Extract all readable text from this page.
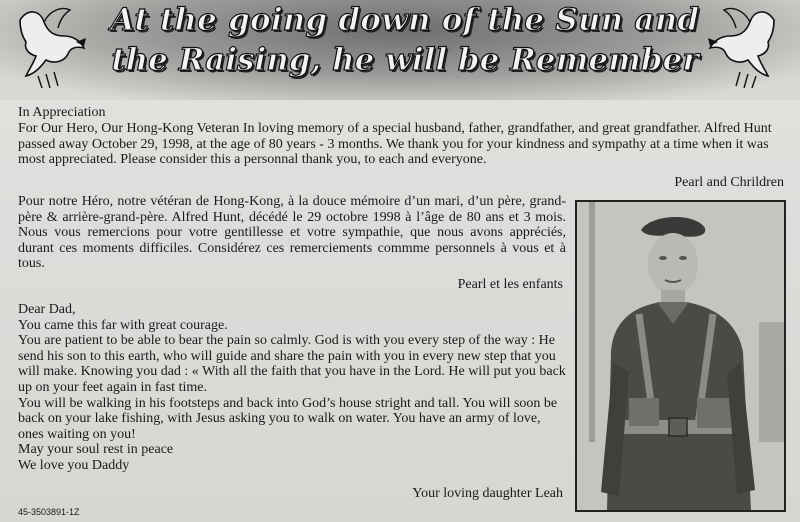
At the going down of the Sun and
the Raising, he will be Remember

In Appreciation

For Our Hero, Our Hong-Kong Veteran In loving memory of a special husband, father, grandfather, and great grandfather. Alfred Hunt passed away October 29, 1998, at the age of 80 years - 3 months. We thank you for your kindness and sympathy at a time when it was most appreciated. Please consider this a personnal thank you, to each and everyone.

Pearl and Chrildren

Pour notre Héro, notre vétéran de Hong-Kong, à la douce mémoire d’un mari, d’un père, grand-père & arrière-grand-père. Alfred Hunt, décédé le 29 octobre 1998 à l’âge de 80 ans et 3 mois. Nous vous remercions pour votre gentillesse et votre sympathie, que nous avons appréciés, durant ces moments difficiles. Considérez ces remerciements commme personnels à vous et à tous.

Pearl et les enfants

Dear Dad,

You came this far with great courage.

You are patient to be able to bear the pain so calmly. God is with you every step of the way : He send his son to this earth, who will guide and share the pain with you in every new step that you will make. Knowing you dad : « With all the faith that you have in the Lord. He will put you back up on your feet again in fast time.

You will be walking in his footsteps and back into God’s house stright and tall. You will soon be back on your lake fishing, with Jesus asking you to walk on water. You have an army of love, ones waiting on you!

May your soul rest in peace

We love you Daddy

Your loving daughter Leah

45-3503891-1Z
